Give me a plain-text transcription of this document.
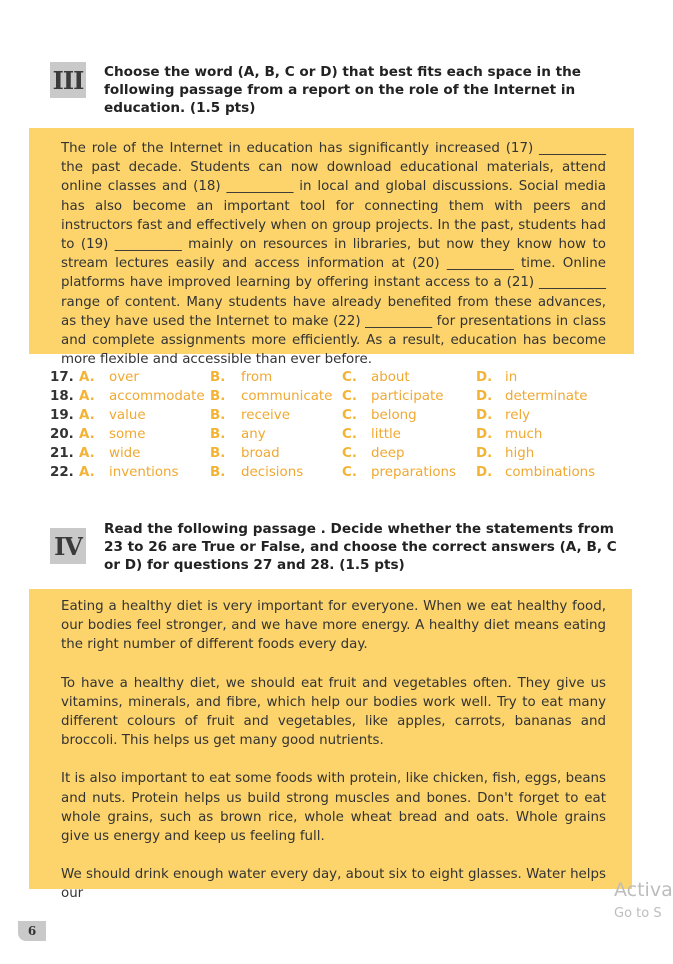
III Choose the word (A, B, C or D) that best fits each space in the following passage from a report on the role of the Internet in education. (1.5 pts)

The role of the Internet in education has significantly increased (17) __________ the past decade. Students can now download educational materials, attend online classes and (18) __________ in local and global discussions. Social media has also become an important tool for connecting them with peers and instructors fast and effectively when on group projects. In the past, students had to (19) __________ mainly on resources in libraries, but now they know how to stream lectures easily and access information at (20) __________ time. Online platforms have improved learning by offering instant access to a (21) __________ range of content. Many students have already benefited from these advances, as they have used the Internet to make (22) __________ for presentations in class and complete assignments more efficiently. As a result, education has become more flexible and accessible than ever before.

17. A. over	B. from	C. about	D. in
18. A. accommodate B. communicate C. participate D. determinate
19. A. value	B. receive	C. belong	D. rely
20. A. some	B. any	C. little	D. much
21. A. wide	B. broad	C. deep	D. high
22. A. inventions B. decisions	C. preparations D. combinations
IV
Read the following passage . Decide whether the statements from 23 to 26 are True or False, and choose the correct answers (A, B, C or D) for questions 27 and 28. (1.5 pts)

Eating a healthy diet is very important for everyone. When we eat healthy food, our bodies feel stronger, and we have more energy. A healthy diet means eating the right number of different foods every day.

To have a healthy diet, we should eat fruit and vegetables often. They give us vitamins, minerals, and fibre, which help our bodies work well. Try to eat many different colours of fruit and vegetables, like apples, carrots, bananas and broccoli. This helps us get many good nutrients.

It is also important to eat some foods with protein, like chicken, fish, eggs, beans and nuts. Protein helps us build strong muscles and bones. Don't forget to eat whole grains, such as brown rice, whole wheat bread and oats. Whole grains give us energy and keep us feeling full.

We should drink enough water every day, about six to eight glasses. Water helps our	Activa
Go to S
6
